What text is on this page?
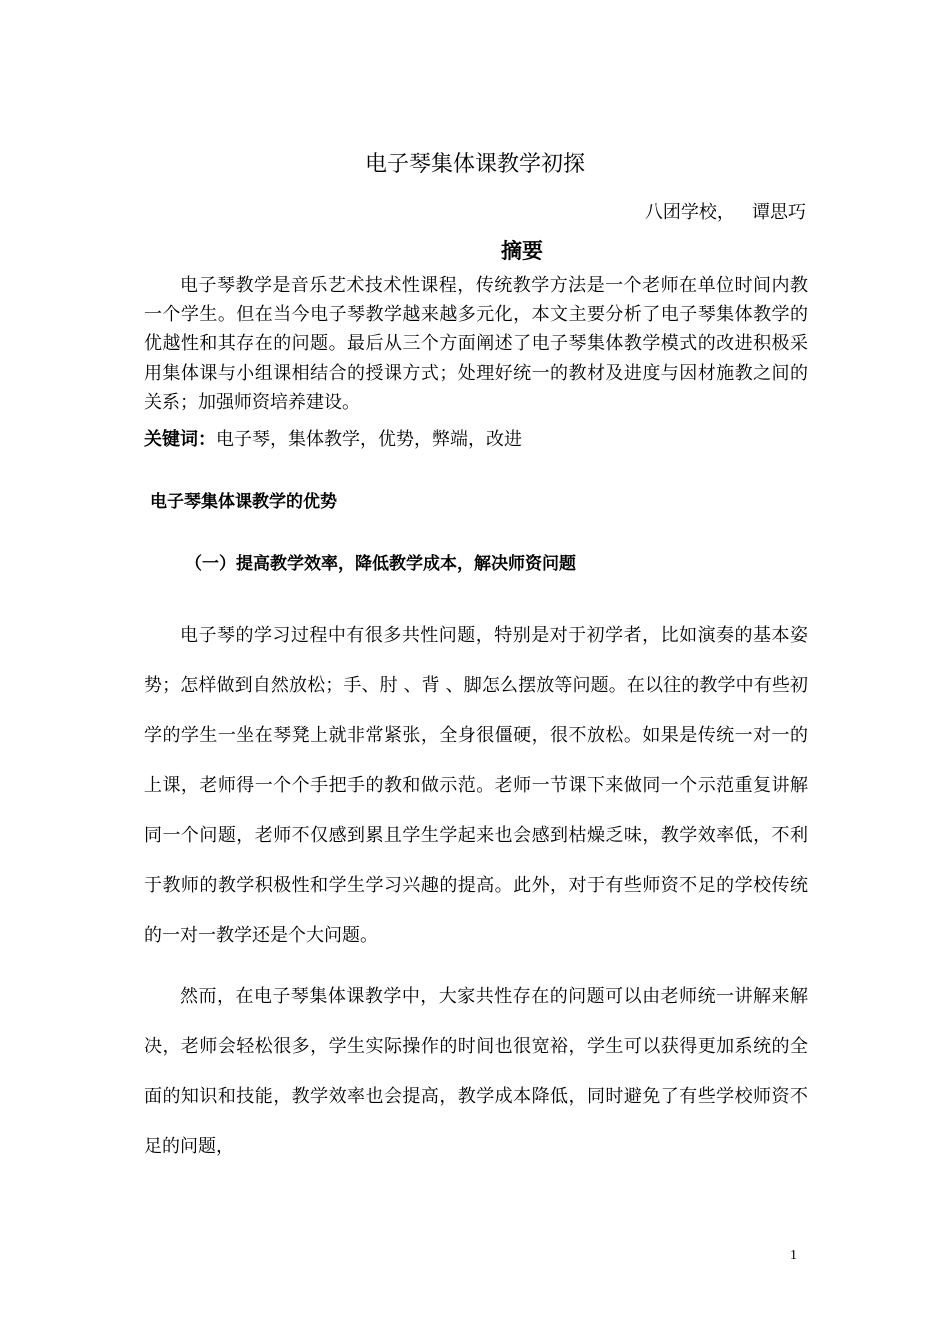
电子琴集体课教学初探
八团学校，   谭思巧
摘要

电子琴教学是音乐艺术技术性课程，传统教学方法是一个老师在单位时间内教一个学生。但在当今电子琴教学越来越多元化，本文主要分析了电子琴集体教学的优越性和其存在的问题。最后从三个方面阐述了电子琴集体教学模式的改进积极采用集体课与小组课相结合的授课方式；处理好统一的教材及进度与因材施教之间的关系；加强师资培养建设。

关键词：电子琴，集体教学，优势，弊端，改进
电子琴集体课教学的优势
（一）提高教学效率，降低教学成本，解决师资问题

电子琴的学习过程中有很多共性问题，特别是对于初学者，比如演奏的基本姿势；怎样做到自然放松；手、肘 、背 、脚怎么摆放等问题。在以往的教学中有些初学的学生一坐在琴凳上就非常紧张，全身很僵硬，很不放松。如果是传统一对一的上课，老师得一个个手把手的教和做示范。老师一节课下来做同一个示范重复讲解同一个问题，老师不仅感到累且学生学起来也会感到枯燥乏味，教学效率低，不利于教师的教学积极性和学生学习兴趣的提高。此外，对于有些师资不足的学校传统的一对一教学还是个大问题。

然而，在电子琴集体课教学中，大家共性存在的问题可以由老师统一讲解来解决，老师会轻松很多，学生实际操作的时间也很宽裕，学生可以获得更加系统的全面的知识和技能，教学效率也会提高，教学成本降低，同时避免了有些学校师资不足的问题，

1
